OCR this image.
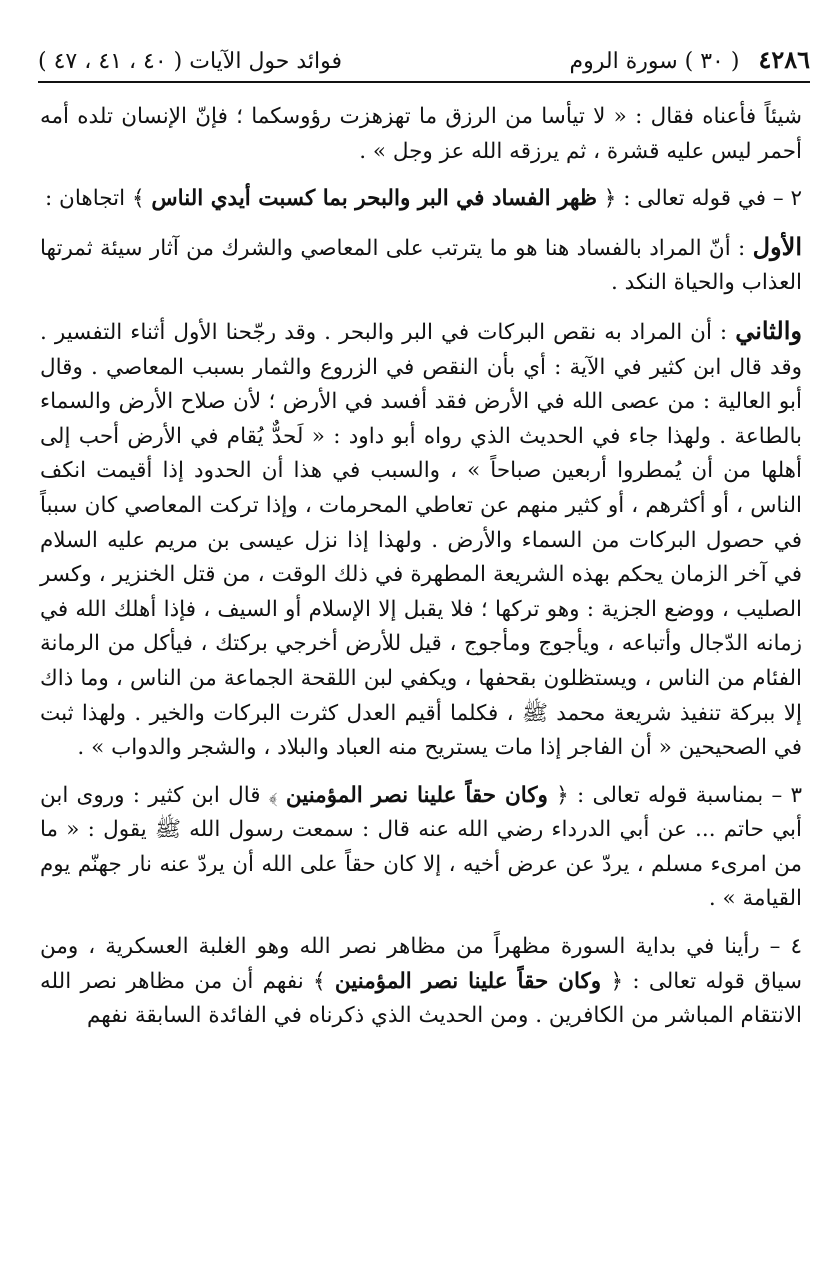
٤٢٨٦ ( ٣٠ ) سورة الروم
فوائد حول الآيات ( ٤٠ ، ٤١ ، ٤٧ )

شيئاً فأعناه فقال : « لا تيأسا من الرزق ما تهزهزت رؤوسكما ؛ فإنّ الإنسان تلده أمه أحمر ليس عليه قشرة ، ثم يرزقه الله عز وجل » .

٢ – في قوله تعالى : ﴿ ظهر الفساد في البر والبحر بما كسبت أيدي الناس ﴾ اتجاهان :

الأول : أنّ المراد بالفساد هنا هو ما يترتب على المعاصي والشرك من آثار سيئة ثمرتها العذاب والحياة النكد .

والثاني : أن المراد به نقص البركات في البر والبحر . وقد رجّحنا الأول أثناء التفسير . وقد قال ابن كثير في الآية : أي بأن النقص في الزروع والثمار بسبب المعاصي . وقال أبو العالية : من عصى الله في الأرض فقد أفسد في الأرض ؛ لأن صلاح الأرض والسماء بالطاعة . ولهذا جاء في الحديث الذي رواه أبو داود : « لَحدٌّ يُقام في الأرض أحب إلى أهلها من أن يُمطروا أربعين صباحاً » ، والسبب في هذا أن الحدود إذا أقيمت انكف الناس ، أو أكثرهم ، أو كثير منهم عن تعاطي المحرمات ، وإذا تركت المعاصي كان سبباً في حصول البركات من السماء والأرض . ولهذا إذا نزل عيسى بن مريم عليه السلام في آخر الزمان يحكم بهذه الشريعة المطهرة في ذلك الوقت ، من قتل الخنزير ، وكسر الصليب ، ووضع الجزية : وهو تركها ؛ فلا يقبل إلا الإسلام أو السيف ، فإذا أهلك الله في زمانه الدّجال وأتباعه ، ويأجوج ومأجوج ، قيل للأرض أخرجي بركتك ، فيأكل من الرمانة الفئام من الناس ، ويستظلون بقحفها ، ويكفي لبن اللقحة الجماعة من الناس ، وما ذاك إلا ببركة تنفيذ شريعة محمد ﷺ ، فكلما أقيم العدل كثرت البركات والخير . ولهذا ثبت في الصحيحين « أن الفاجر إذا مات يستريح منه العباد والبلاد ، والشجر والدواب » .

٣ – بمناسبة قوله تعالى : ﴿ وكان حقاً علينا نصر المؤمنين ﴾ قال ابن كثير : وروى ابن أبي حاتم ... عن أبي الدرداء رضي الله عنه قال : سمعت رسول الله ﷺ يقول : « ما من امرىء مسلم ، يردّ عن عرض أخيه ، إلا كان حقاً على الله أن يردّ عنه نار جهنّم يوم القيامة » .

٤ – رأينا في بداية السورة مظهراً من مظاهر نصر الله وهو الغلبة العسكرية ، ومن سياق قوله تعالى : ﴿ وكان حقاً علينا نصر المؤمنين ﴾ نفهم أن من مظاهر نصر الله الانتقام المباشر من الكافرين . ومن الحديث الذي ذكرناه في الفائدة السابقة نفهم
